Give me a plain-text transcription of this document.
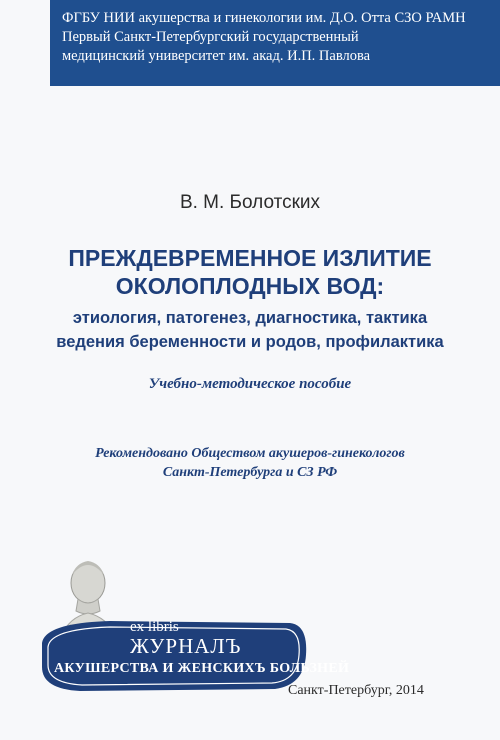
ФГБУ НИИ акушерства и гинекологии им. Д.О. Отта СЗО РАМН
Первый Санкт-Петербургский государственный
медицинский университет им. акад. И.П. Павлова
В. М. Болотских
ПРЕЖДЕВРЕМЕННОЕ ИЗЛИТИЕ
ОКОЛОПЛОДНЫХ ВОД:
этиология, патогенез, диагностика, тактика
ведения беременности и родов, профилактика
Учебно-методическое пособие
Рекомендовано Обществом акушеров-гинекологов
Санкт-Петербурга и СЗ РФ
ex libris
ЖУРНАЛЪ
АКУШЕРСТВА И ЖЕНСКИХЪ БОЛЬЗНЕЙ
Санкт-Петербург, 2014
